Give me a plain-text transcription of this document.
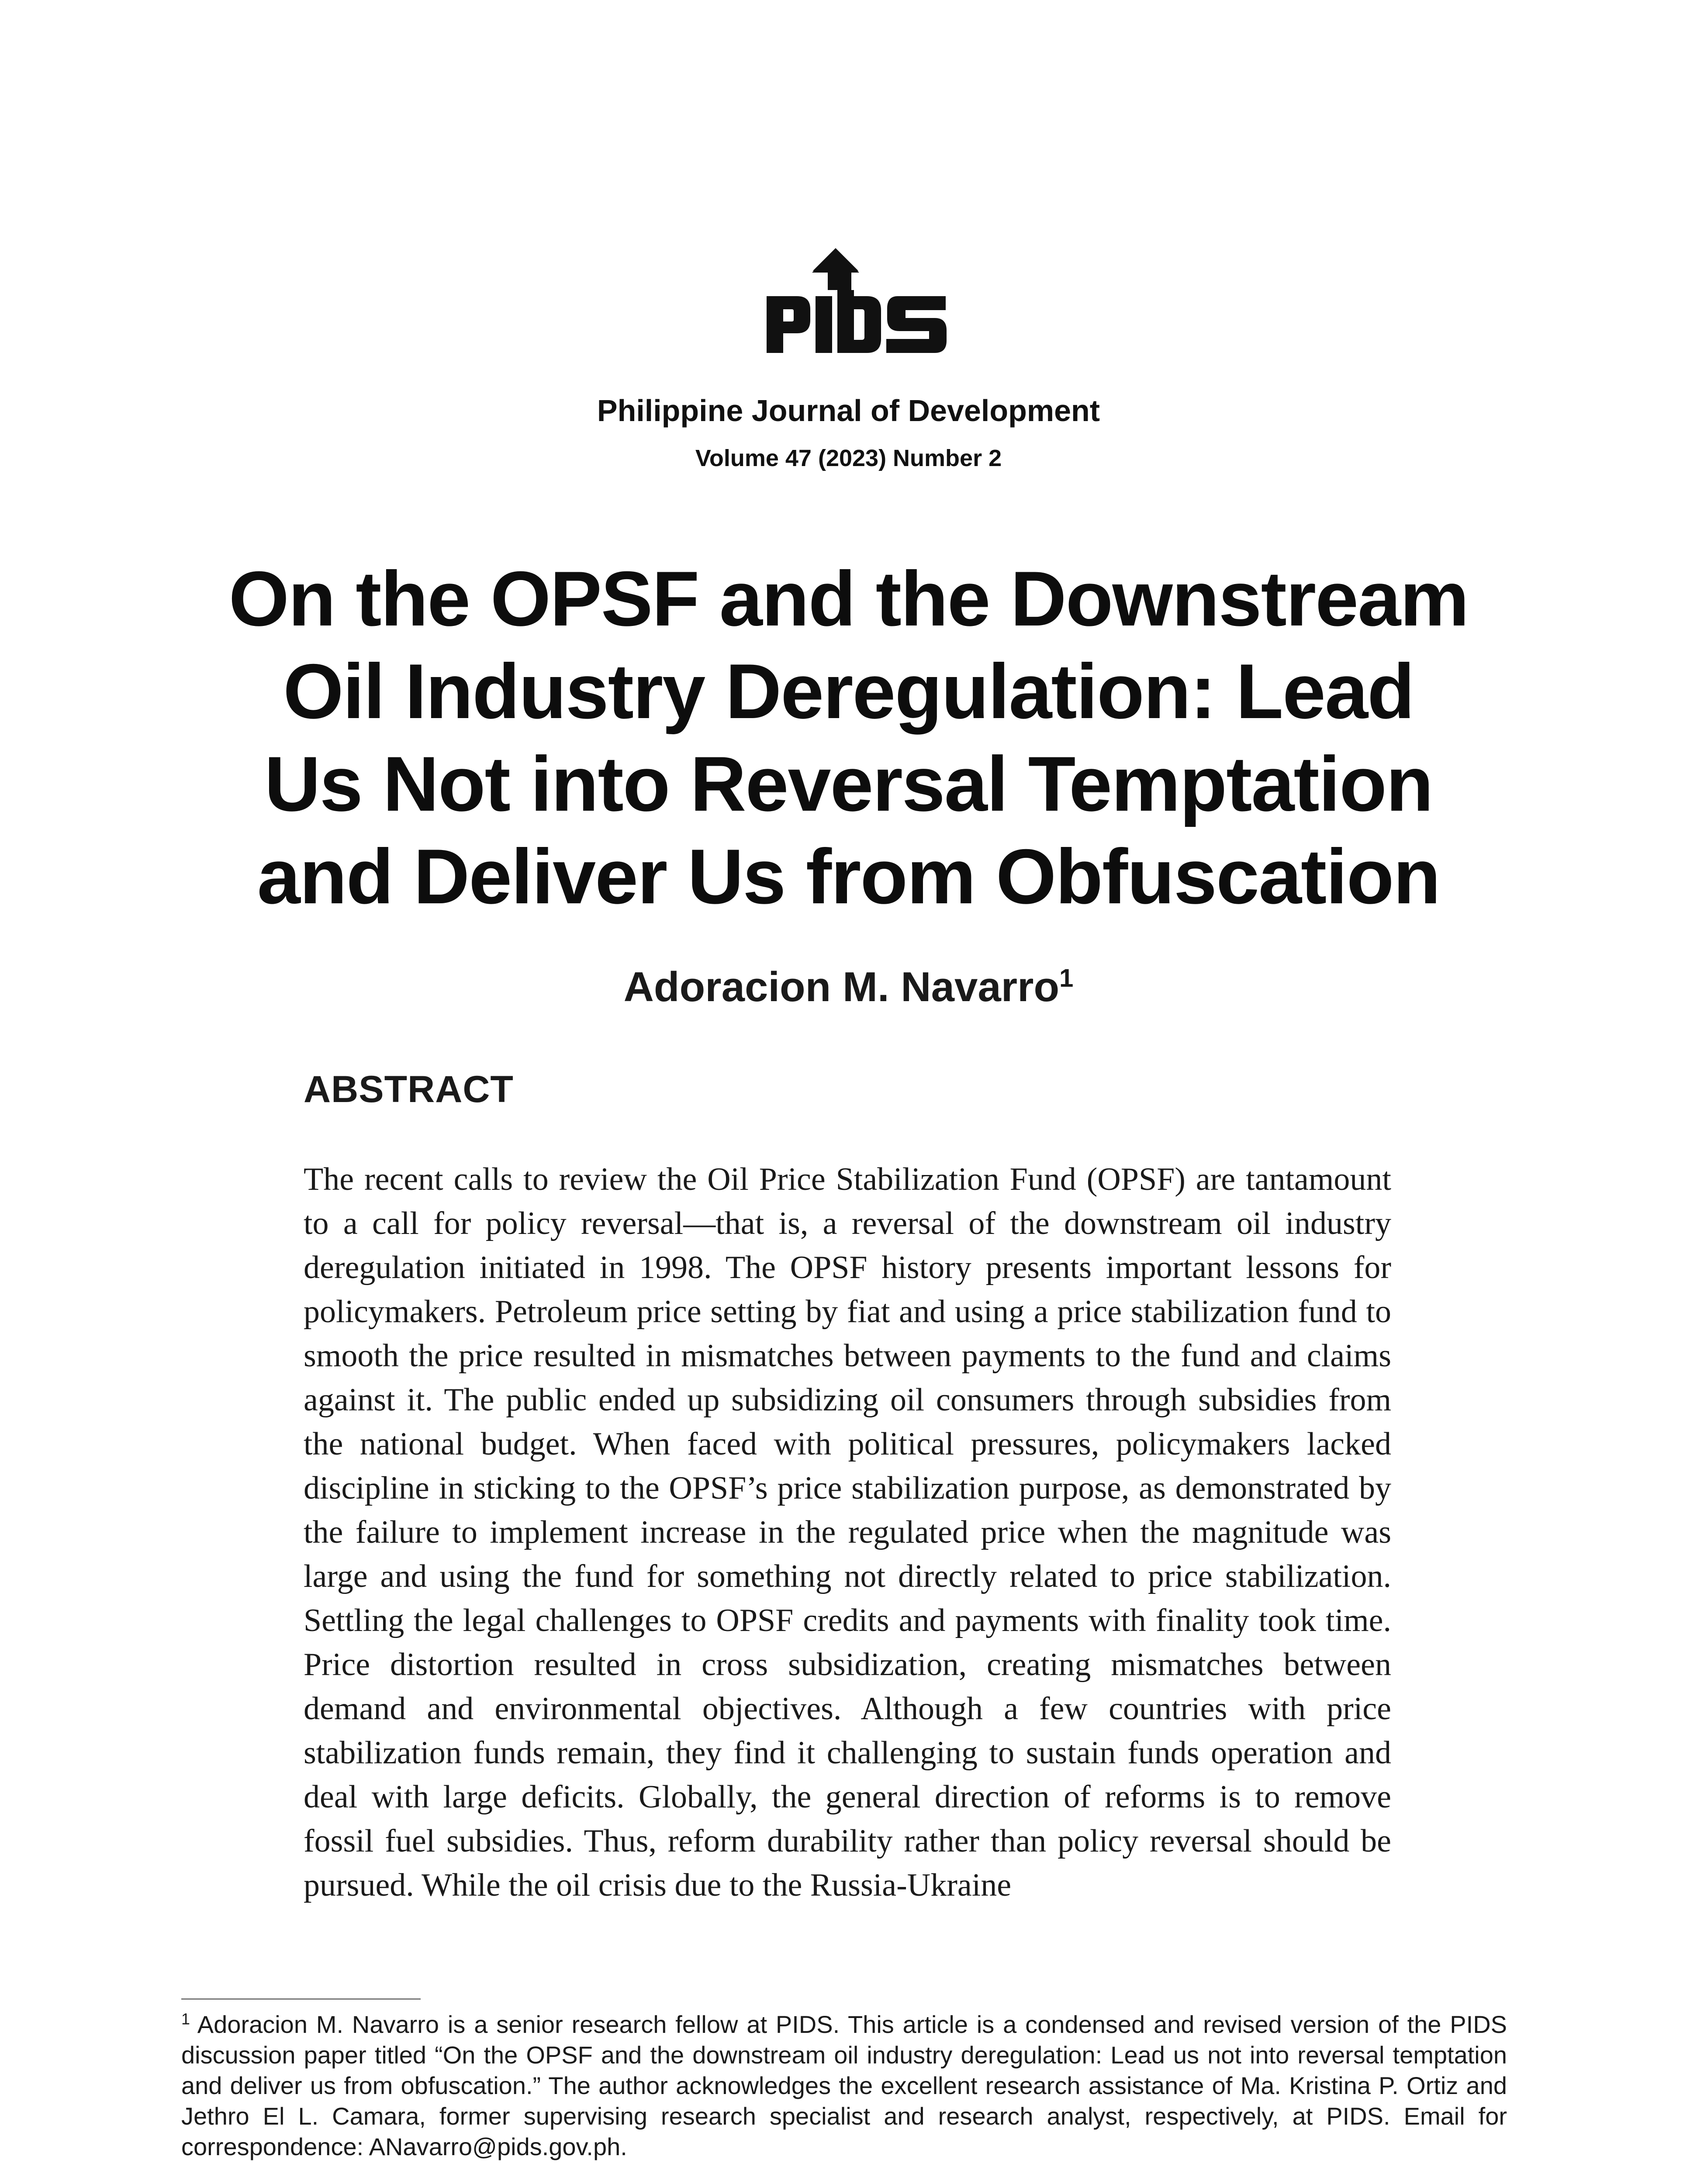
Philippine Journal of Development
Volume 47 (2023) Number 2
On the OPSF and the Downstream
Oil Industry Deregulation: Lead
Us Not into Reversal Temptation
and Deliver Us from Obfuscation
Adoracion M. Navarro$^1$
ABSTRACT

The recent calls to review the Oil Price Stabilization Fund (OPSF) are tantamount to a call for policy reversal—that is, a reversal of the downstream oil industry deregulation initiated in 1998. The OPSF history presents important lessons for policymakers. Petroleum price setting by fiat and using a price stabilization fund to smooth the price resulted in mismatches between payments to the fund and claims against it. The public ended up subsidizing oil consumers through subsidies from the national budget. When faced with political pressures, policymakers lacked discipline in sticking to the OPSF’s price stabilization purpose, as demonstrated by the failure to implement increase in the regulated price when the magnitude was large and using the fund for something not directly related to price stabilization. Settling the legal challenges to OPSF credits and payments with finality took time. Price distortion resulted in cross subsidization, creating mismatches between demand and environmental objectives. Although a few countries with price stabilization funds remain, they find it challenging to sustain funds operation and deal with large deficits. Globally, the general direction of reforms is to remove fossil fuel subsidies. Thus, reform durability rather than policy reversal should be pursued. While the oil crisis due to the Russia-Ukraine

$^1$ Adoracion M. Navarro is a senior research fellow at PIDS. This article is a condensed and revised version of the PIDS discussion paper titled “On the OPSF and the downstream oil industry deregulation: Lead us not into reversal temptation and deliver us from obfuscation.” The author acknowledges the excellent research assistance of Ma. Kristina P. Ortiz and Jethro El L. Camara, former supervising research specialist and research analyst, respectively, at PIDS. Email for correspondence: ANavarro@pids.gov.ph.
